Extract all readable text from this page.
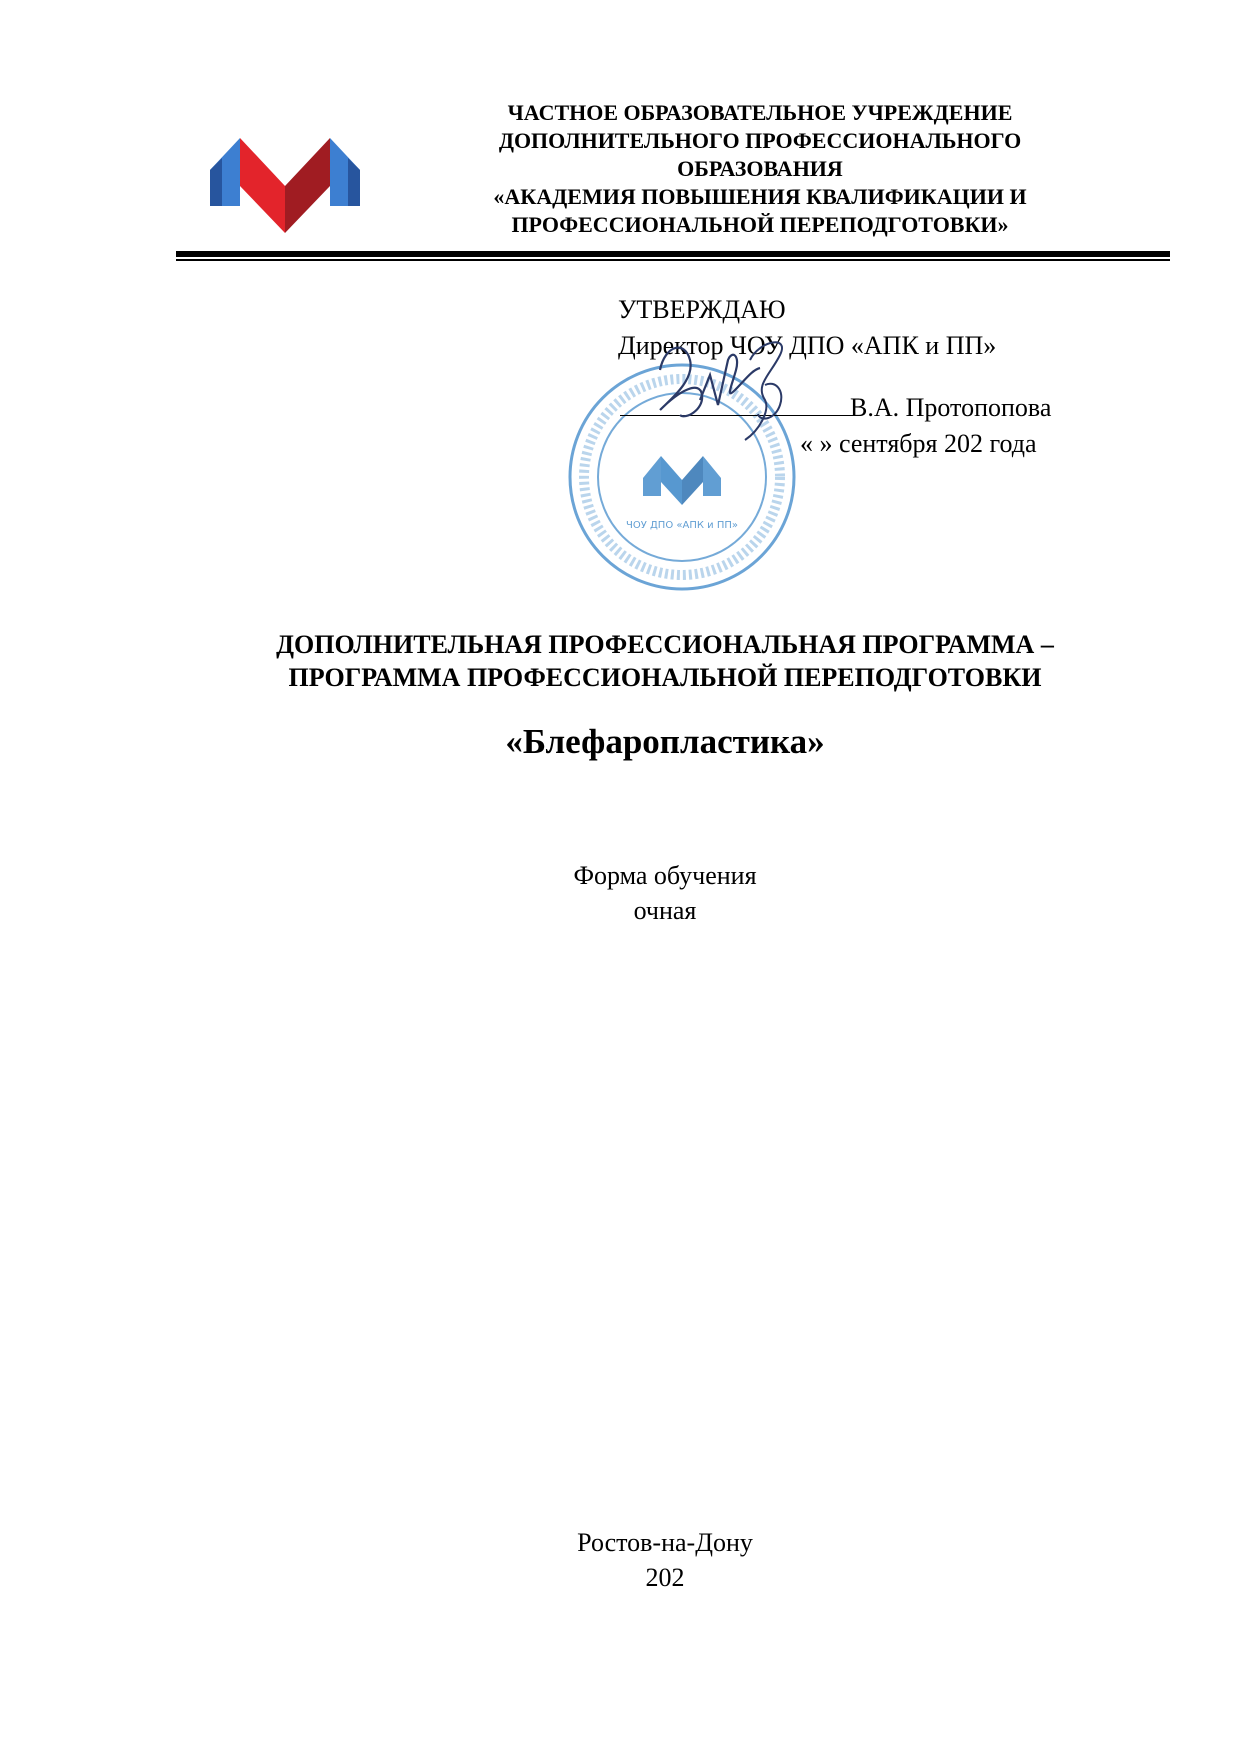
ЧАСТНОЕ ОБРАЗОВАТЕЛЬНОЕ УЧРЕЖДЕНИЕ
ДОПОЛНИТЕЛЬНОГО ПРОФЕССИОНАЛЬНОГО
ОБРАЗОВАНИЯ
«АКАДЕМИЯ ПОВЫШЕНИЯ КВАЛИФИКАЦИИ И
ПРОФЕССИОНАЛЬНОЙ ПЕРЕПОДГОТОВКИ»
ЧОУ ДПО «АПК и ПП»
УТВЕРЖДАЮ
Директор ЧОУ ДПО «АПК и ПП»
В.А. Протопопова
« » сентября 202 года
ДОПОЛНИТЕЛЬНАЯ ПРОФЕССИОНАЛЬНАЯ ПРОГРАММА –
ПРОГРАММА ПРОФЕССИОНАЛЬНОЙ ПЕРЕПОДГОТОВКИ
«Блефаропластика»
Форма обучения
очная
Ростов-на-Дону
202
